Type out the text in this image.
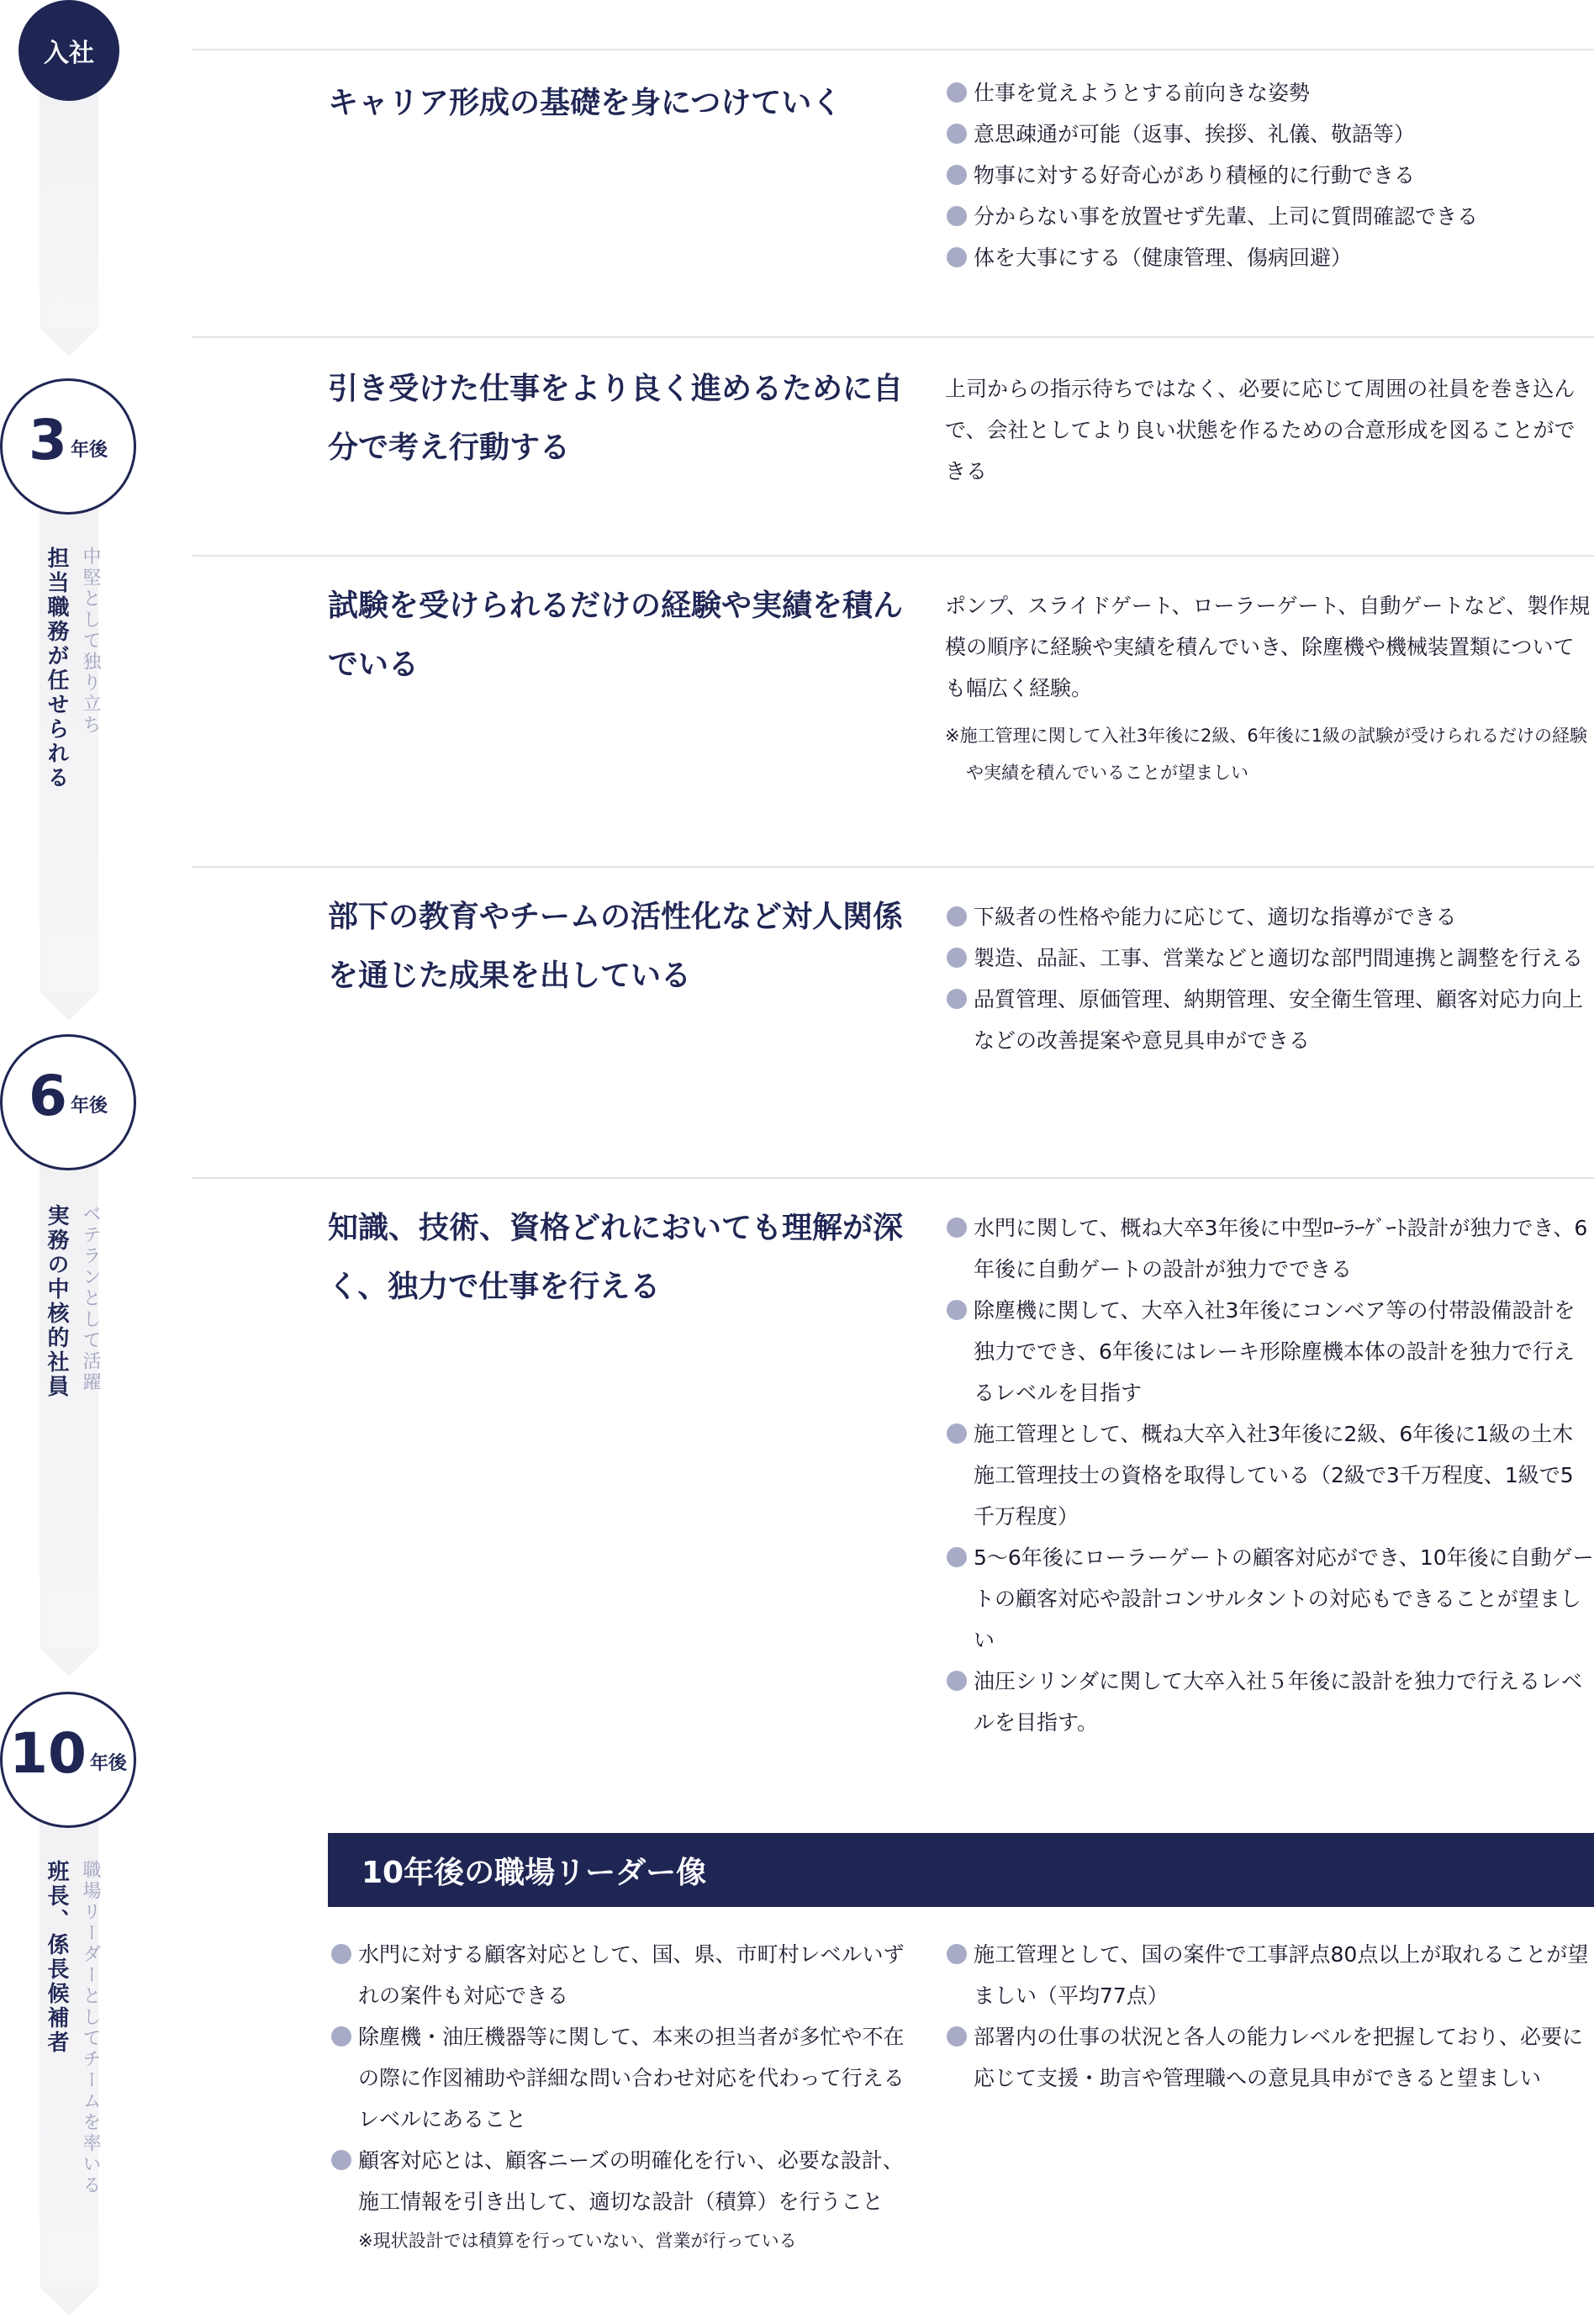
入社
3 年後
担当職務が任せられる 中堅として独り立ち
6 年後
実務の中核的社員 ベテランとして活躍
10 年後
班長、係長候補者 職場リーダーとしてチームを率いる
キャリア形成の基礎を身につけていく	仕事を覚えようとする前向きな姿勢
意思疎通が可能（返事、挨拶、礼儀、敬語等）
物事に対する好奇心があり積極的に行動できる
分からない事を放置せず先輩、上司に質問確認できる
体を大事にする（健康管理、傷病回避）
引き受けた仕事をより良く進めるために自分で考え行動する

上司からの指示待ちではなく、必要に応じて周囲の社員を巻き込んで、会社としてより良い状態を作るための合意形成を図ることができる

試験を受けられるだけの経験や実績を積んでいる

ポンプ、スライドゲート、ローラーゲート、自動ゲートなど、製作規模の順序に経験や実績を積んでいき、除塵機や機械装置類についても幅広く経験。

※施工管理に関して入社3年後に2級、6年後に1級の試験が受けられるだけの経験や実績を積んでいることが望ましい
部下の教育やチームの活性化など対人関係を通じた成果を出している
下級者の性格や能力に応じて、適切な指導ができる
製造、品証、工事、営業などと適切な部門間連携と調整を行える
品質管理、原価管理、納期管理、安全衛生管理、顧客対応力向上などの改善提案や意見具申ができる
知識、技術、資格どれにおいても理解が深く、独力で仕事を行える
水門に関して、概ね大卒3年後に中型ﾛｰﾗｰｹﾞｰﾄ設計が独力でき、6年後に自動ゲートの設計が独力でできる
除塵機に関して、大卒入社3年後にコンベア等の付帯設備設計を独力ででき、6年後にはレーキ形除塵機本体の設計を独力で行えるレベルを目指す
施工管理として、概ね大卒入社3年後に2級、6年後に1級の土木施工管理技士の資格を取得している（2級で3千万程度、1級で5千万程度）
5〜6年後にローラーゲートの顧客対応ができ、10年後に自動ゲートの顧客対応や設計コンサルタントの対応もできることが望ましい
油圧シリンダに関して大卒入社５年後に設計を独力で行えるレベルを目指す。
10年後の職場リーダー像
水門に対する顧客対応として、国、県、市町村レベルいずれの案件も対応できる
除塵機・油圧機器等に関して、本来の担当者が多忙や不在の際に作図補助や詳細な問い合わせ対応を代わって行えるレベルにあること
顧客対応とは、顧客ニーズの明確化を行い、必要な設計、施工情報を引き出して、適切な設計（積算）を行うこと
※現状設計では積算を行っていない、営業が行っている
施工管理として、国の案件で工事評点80点以上が取れることが望ましい（平均77点）
部署内の仕事の状況と各人の能力レベルを把握しており、必要に応じて支援・助言や管理職への意見具申ができると望ましい
